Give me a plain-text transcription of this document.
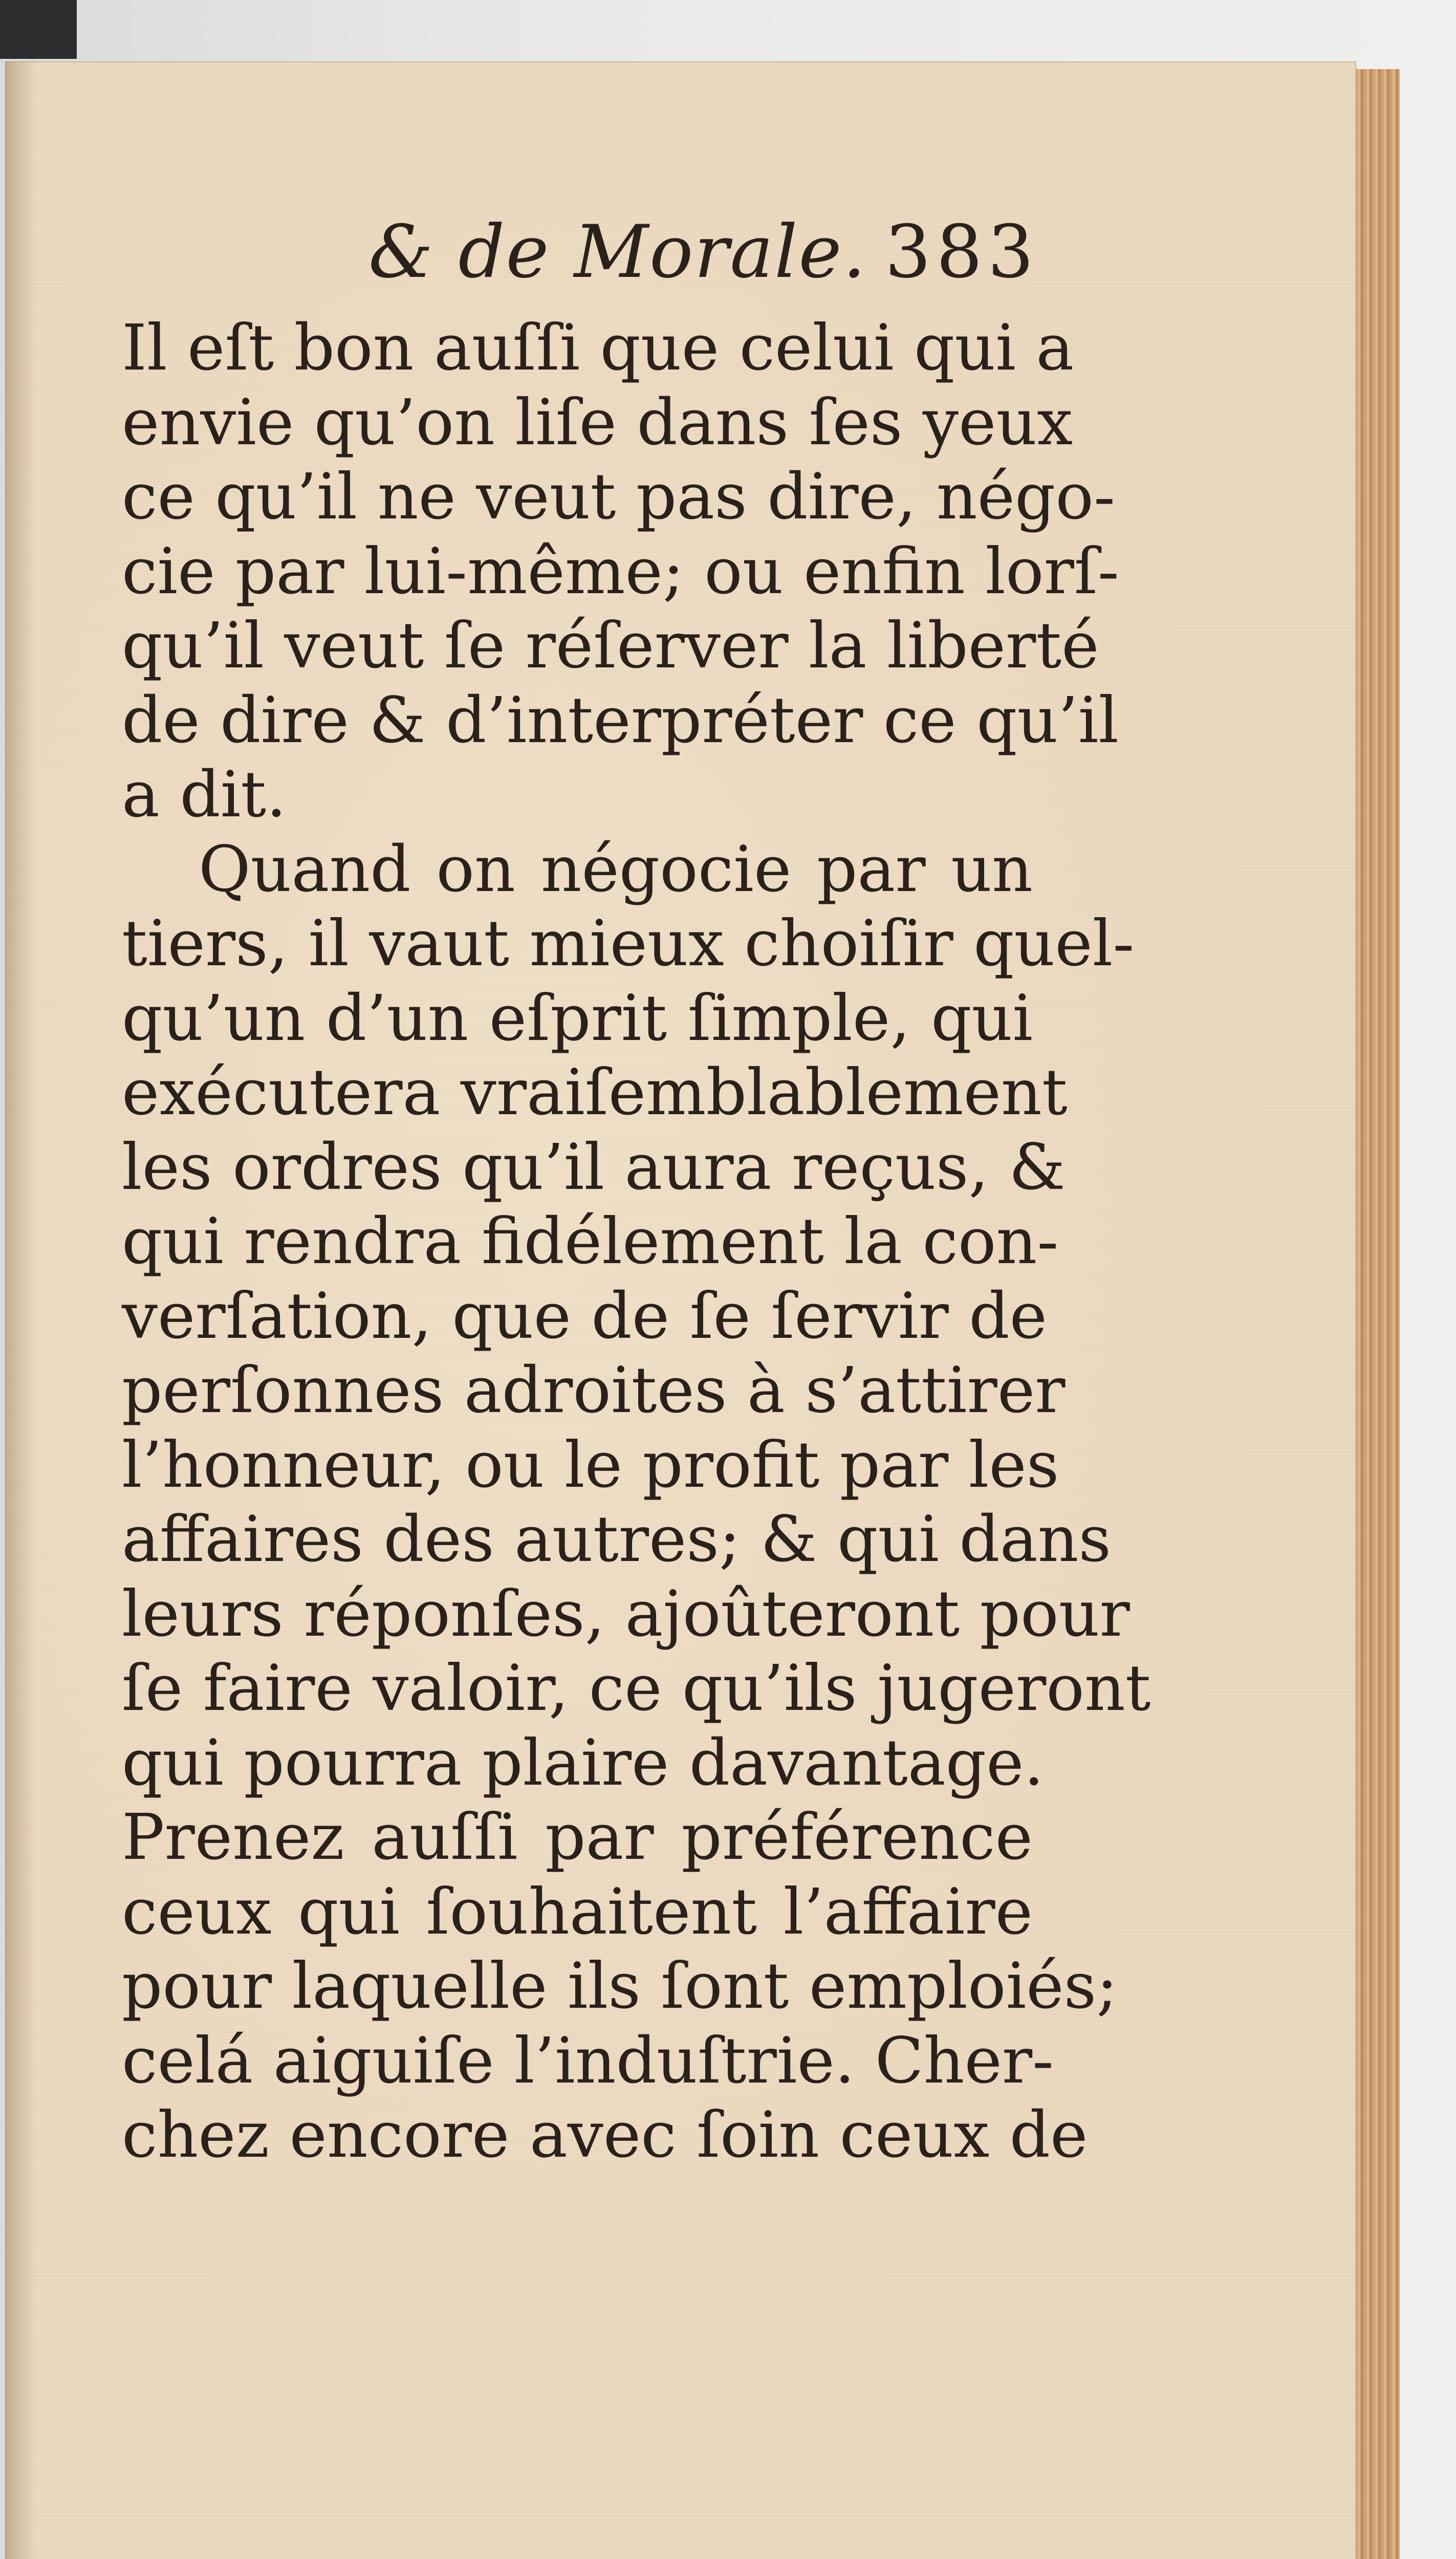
& de Morale. 383
Il eſt bon auſſi que celui qui a
envie qu’on liſe dans ſes yeux
ce qu’il ne veut pas dire, négo-
cie par lui-même; ou enfin lorſ-
qu’il veut ſe réſerver la liberté
de dire & d’interpréter ce qu’il
a dit.
Quand on négocie par un
tiers, il vaut mieux choiſir quel-
qu’un d’un eſprit ſimple, qui
exécutera vraiſemblablement
les ordres qu’il aura reçus, &
qui rendra fidélement la con-
verſation, que de ſe ſervir de
perſonnes adroites à s’attirer
l’honneur, ou le profit par les
affaires des autres; & qui dans
leurs réponſes, ajoûteront pour
ſe faire valoir, ce qu’ils jugeront
qui pourra plaire davantage.
Prenez auſſi par préférence
ceux qui ſouhaitent l’affaire
pour laquelle ils ſont emploiés;
celá aiguiſe l’induſtrie. Cher-
chez encore avec ſoin ceux de
